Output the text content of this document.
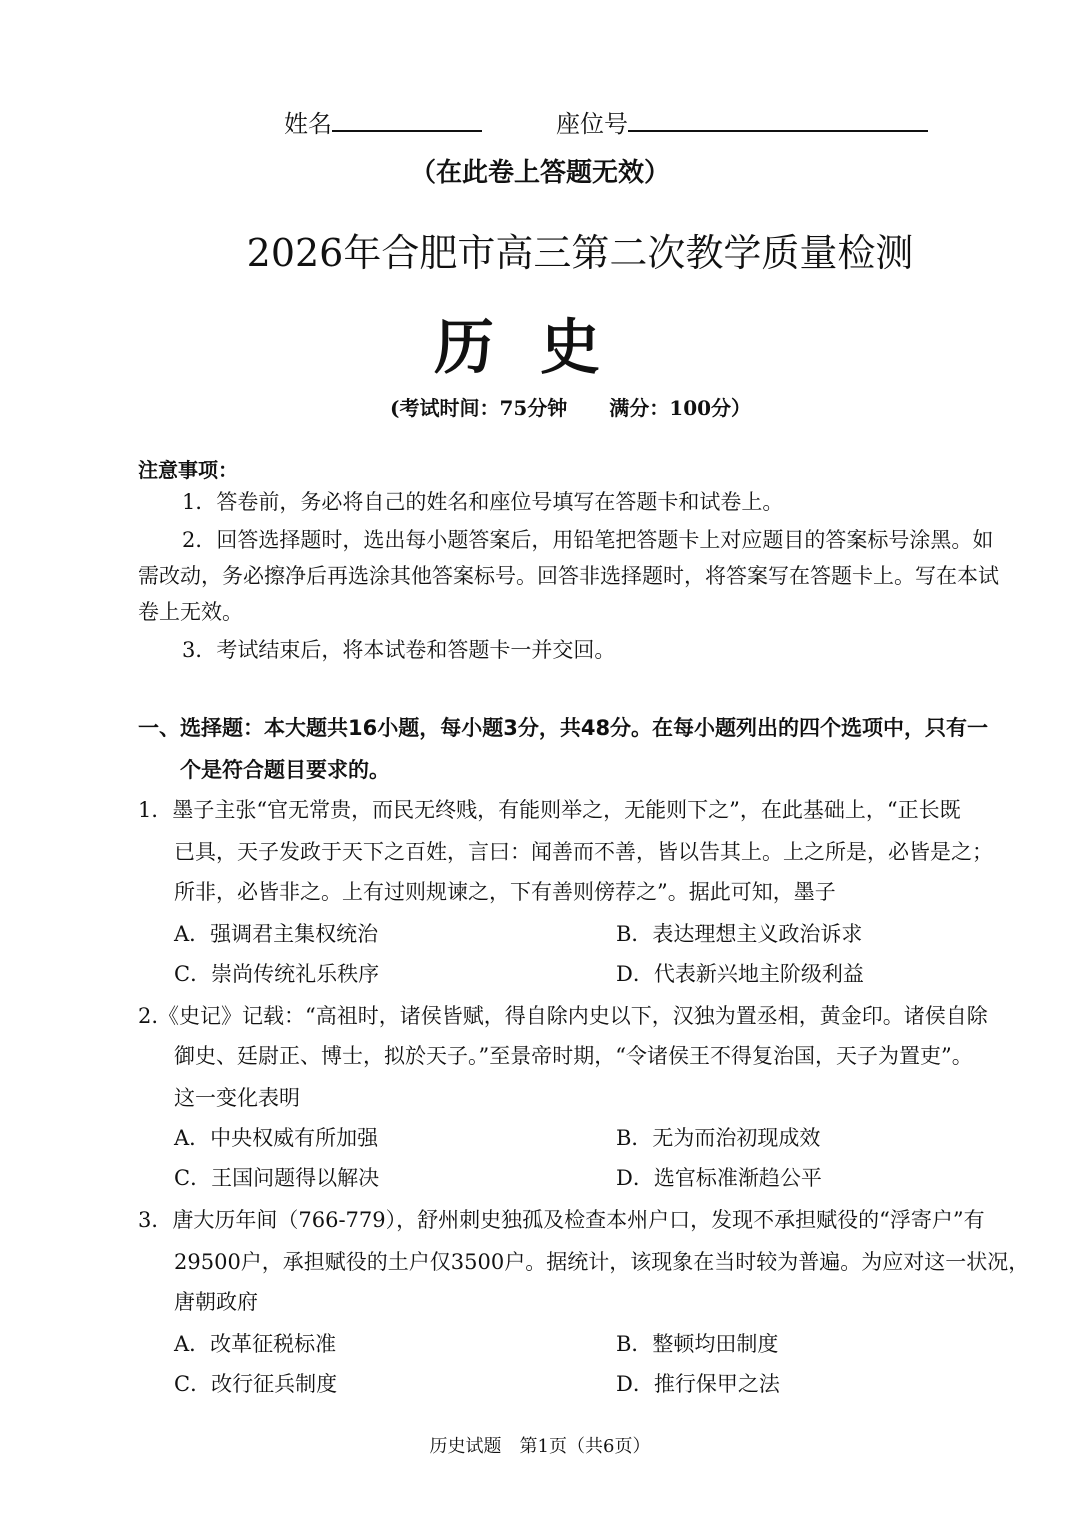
姓名	座位号
（在此卷上答题无效）
2026年合肥市高三第二次教学质量检测
历史
(考试时间：75分钟 满分：100分）
注意事项：
1．答卷前，务必将自己的姓名和座位号填写在答题卡和试卷上。
2．回答选择题时，选出每小题答案后，用铅笔把答题卡上对应题目的答案标号涂黑。如
需改动，务必擦净后再选涂其他答案标号。回答非选择题时，将答案写在答题卡上。写在本试
卷上无效。
3．考试结束后，将本试卷和答题卡一并交回。
一、选择题：本大题共16小题，每小题3分，共48分。在每小题列出的四个选项中，只有一
个是符合题目要求的。
1．墨子主张“官无常贵，而民无终贱，有能则举之，无能则下之”，在此基础上，“正长既
已具，天子发政于天下之百姓，言曰：闻善而不善，皆以告其上。上之所是，必皆是之；
所非，必皆非之。上有过则规谏之，下有善则傍荐之”。据此可知，墨子
A．强调君主集权统治	B．表达理想主义政治诉求
C．崇尚传统礼乐秩序	D．代表新兴地主阶级利益
2.《史记》记载：“高祖时，诸侯皆赋，得自除内史以下，汉独为置丞相，黄金印。诸侯自除
御史、廷尉正、博士，拟於天子。”至景帝时期，“令诸侯王不得复治国，天子为置吏”。
这一变化表明
A．中央权威有所加强	B．无为而治初现成效
C．王国问题得以解决	D．选官标准渐趋公平
3．唐大历年间（766-779），舒州刺史独孤及检查本州户口，发现不承担赋役的“浮寄户”有
29500户，承担赋役的土户仅3500户。据统计，该现象在当时较为普遍。为应对这一状况，
唐朝政府
A．改革征税标准	B．整顿均田制度
C．改行征兵制度	D．推行保甲之法
历史试题　第1页（共6页）
